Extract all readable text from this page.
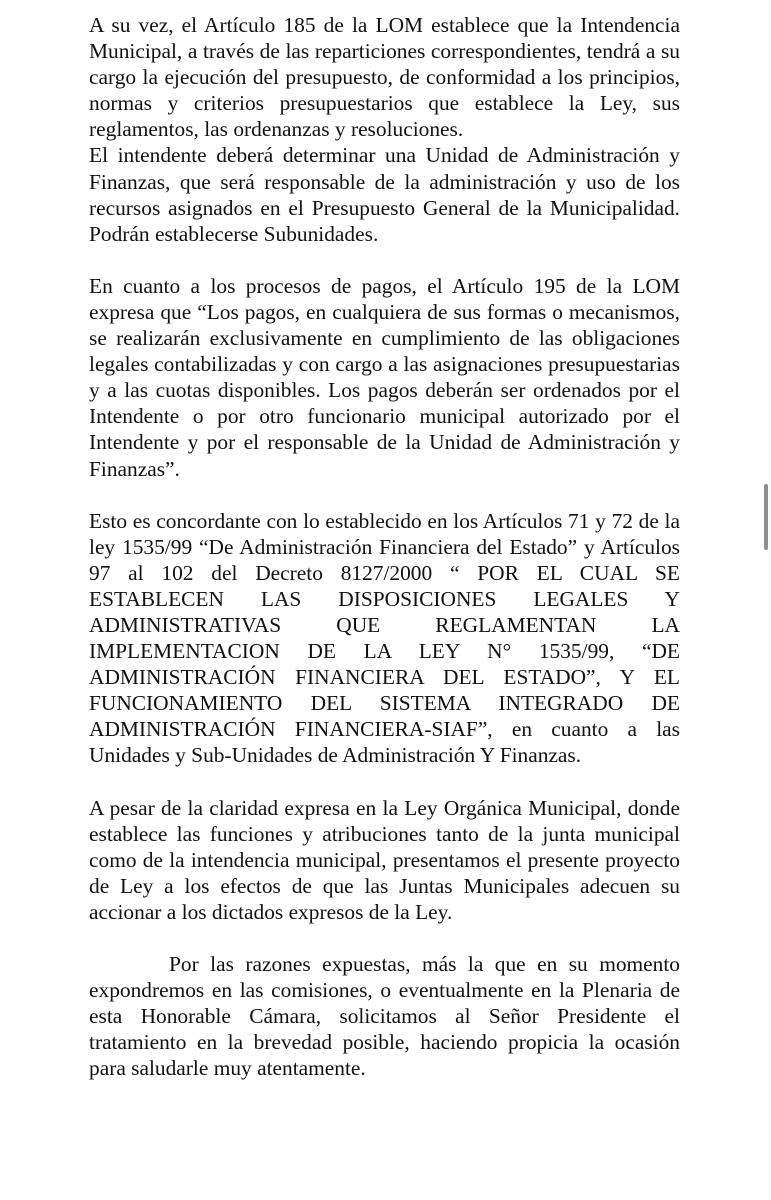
A su vez, el Artículo 185 de la LOM establece que la Intendencia Municipal, a través de las reparticiones correspondientes, tendrá a su cargo la ejecución del presupuesto, de conformidad a los principios, normas y criterios presupuestarios que establece la Ley, sus reglamentos, las ordenanzas y resoluciones.

El intendente deberá determinar una Unidad de Administración y Finanzas, que será responsable de la administración y uso de los recursos asignados en el Presupuesto General de la Municipalidad. Podrán establecerse Subunidades.

En cuanto a los procesos de pagos, el Artículo 195 de la LOM expresa que “Los pagos, en cualquiera de sus formas o mecanismos, se realizarán exclusivamente en cumplimiento de las obligaciones legales contabilizadas y con cargo a las asignaciones presupuestarias y a las cuotas disponibles. Los pagos deberán ser ordenados por el Intendente o por otro funcionario municipal autorizado por el Intendente y por el responsable de la Unidad de Administración y Finanzas”.

Esto es concordante con lo establecido en los Artículos 71 y 72 de la ley 1535/99 “De Administración Financiera del Estado” y Artículos 97 al 102 del Decreto 8127/2000 “ POR EL CUAL SE ESTABLECEN LAS DISPOSICIONES LEGALES Y ADMINISTRATIVAS QUE REGLAMENTAN LA IMPLEMENTACION DE LA LEY N° 1535/99, “DE ADMINISTRACIÓN FINANCIERA DEL ESTADO”, Y EL FUNCIONAMIENTO DEL SISTEMA INTEGRADO DE ADMINISTRACIÓN FINANCIERA-SIAF”, en cuanto a las Unidades y Sub-Unidades de Administración Y Finanzas.

A pesar de la claridad expresa en la Ley Orgánica Municipal, donde establece las funciones y atribuciones tanto de la junta municipal como de la intendencia municipal, presentamos el presente proyecto de Ley a los efectos de que las Juntas Municipales adecuen su accionar a los dictados expresos de la Ley.

Por las razones expuestas, más la que en su momento expondremos en las comisiones, o eventualmente en la Plenaria de esta Honorable Cámara, solicitamos al Señor Presidente el tratamiento en la brevedad posible, haciendo propicia la ocasión para saludarle muy atentamente.
